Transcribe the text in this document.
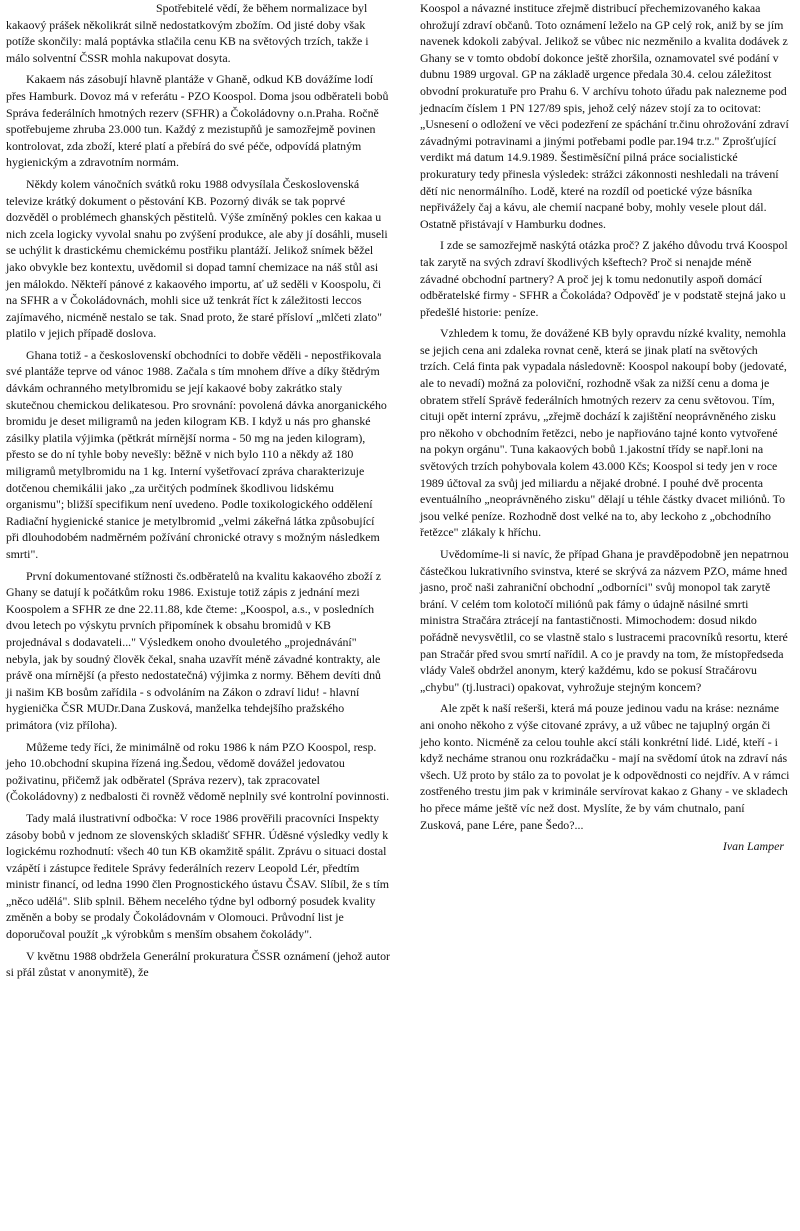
Spotřebitelé vědí, že během normalizace byl kakaový prášek několikrát silně nedostatkovým zbožím. Od jisté doby však potíže skončily: malá poptávka stlačila cenu KB na světových trzích, takže i málo solventní ČSSR mohla nakupovat dosyta.

Kakaem nás zásobují hlavně plantáže v Ghaně, odkud KB dovážíme lodí přes Hamburk. Dovoz má v referátu - PZO Koospol. Doma jsou odběrateli bobů Správa federálních hmotných rezerv (SFHR) a Čokoládovny o.n.Praha. Ročně spotřebujeme zhruba 23.000 tun. Každý z mezistupňů je samozřejmě povinen kontrolovat, zda zboží, které platí a přebírá do své péče, odpovídá platným hygienickým a zdravotním normám.

Někdy kolem vánočních svátků roku 1988 odvysílala Československá televize krátký dokument o pěstování KB. Pozorný divák se tak poprvé dozvěděl o problémech ghanských pěstitelů. Výše zmíněný pokles cen kakaa u nich zcela logicky vyvolal snahu po zvýšení produkce, ale aby jí dosáhli, museli se uchýlit k drastickému chemickému postřiku plantáží. Jelikož snímek běžel jako obvykle bez kontextu, uvědomil si dopad tamní chemizace na náš stůl asi jen málokdo. Někteří pánové z kakaového importu, ať už seděli v Koospolu, či na SFHR a v Čokoládovnách, mohli sice už tenkrát říct k záležitosti leccos zajímavého, nicméně nestalo se tak. Snad proto, že staré přísloví „mlčeti zlato" platilo v jejich případě doslova.

Ghana totiž - a československí obchodníci to dobře věděli - nepostřikovala své plantáže teprve od vánoc 1988. Začala s tím mnohem dříve a díky štědrým dávkám ochranného metylbromidu se její kakaové boby zakrátko staly skutečnou chemickou delikatesou. Pro srovnání: povolená dávka anorganického bromidu je deset miligramů na jeden kilogram KB. I když u nás pro ghanské zásilky platila výjimka (pětkrát mírnější norma - 50 mg na jeden kilogram), přesto se do ní tyhle boby nevešly: běžně v nich bylo 110 a někdy až 180 miligramů metylbromidu na 1 kg. Interní vyšetřovací zpráva charakterizuje dotčenou chemikálii jako „za určitých podmínek škodlivou lidskému organismu"; bližší specifikum není uvedeno. Podle toxikologického oddělení Radiační hygienické stanice je metylbromid „velmi zákeřná látka způsobující při dlouhodobém nadměrném požívání chronické otravy s možným následkem smrti".

První dokumentované stížnosti čs.odběratelů na kvalitu kakaového zboží z Ghany se datují k počátkům roku 1986. Existuje totiž zápis z jednání mezi Koospolem a SFHR ze dne 22.11.88, kde čteme: „Koospol, a.s., v posledních dvou letech po výskytu prvních připomínek k obsahu bromidů v KB projednával s dodavateli..." Výsledkem onoho dvouletého „projednávání" nebyla, jak by soudný člověk čekal, snaha uzavřít méně závadné kontrakty, ale právě ona mírnější (a přesto nedostatečná) výjimka z normy. Během devíti dnů ji našim KB bosům zařídila - s odvoláním na Zákon o zdraví lidu! - hlavní hygienička ČSR MUDr.Dana Zusková, manželka tehdejšího pražského primátora (viz příloha).

Můžeme tedy říci, že minimálně od roku 1986 k nám PZO Koospol, resp. jeho 10.obchodní skupina řízená ing.Šedou, vědomě dovážel jedovatou poživatinu, přičemž jak odběratel (Správa rezerv), tak zpracovatel (Čokoládovny) z nedbalosti či rovněž vědomě neplnily své kontrolní povinnosti.

Tady malá ilustrativní odbočka: V roce 1986 prověřili pracovníci Inspekty zásoby bobů v jednom ze slovenských skladišť SFHR. Úděsné výsledky vedly k logickému rozhodnutí: všech 40 tun KB okamžitě spálit. Zprávu o situaci dostal vzápětí i zástupce ředitele Správy federálních rezerv Leopold Lér, předtím ministr financí, od ledna 1990 člen Prognostického ústavu ČSAV. Slíbil, že s tím „něco udělá". Slib splnil. Během necelého týdne byl odborný posudek kvality změněn a boby se prodaly Čokoládovnám v Olomouci. Průvodní list je doporučoval použít „k výrobkům s menším obsahem čokolády".

V květnu 1988 obdržela Generální prokuratura ČSSR oznámení (jehož autor si přál zůstat v anonymitě), že

Koospol a návazné instituce zřejmě distribucí přechemizovaného kakaa ohrožují zdraví občanů. Toto oznámení leželo na GP celý rok, aniž by se jím navenek kdokoli zabýval. Jelikož se vůbec nic nezměnilo a kvalita dodávek z Ghany se v tomto období dokonce ještě zhoršila, oznamovatel své podání v dubnu 1989 urgoval. GP na základě urgence předala 30.4. celou záležitost obvodní prokuratuře pro Prahu 6. V archívu tohoto úřadu pak nalezneme pod jednacím číslem 1 PN 127/89 spis, jehož celý název stojí za to ocitovat: „Usnesení o odložení ve věci podezření ze spáchání tr.činu ohrožování zdraví závadnými potravinami a jinými potřebami podle par.194 tr.z." Zprošťující verdikt má datum 14.9.1989. Šestiměsíční pilná práce socialistické prokuratury tedy přinesla výsledek: strážci zákonnosti neshledali na trávení dětí nic nenormálního. Lodě, které na rozdíl od poetické výze básníka nepřivážely čaj a kávu, ale chemií nacpané boby, mohly vesele plout dál. Ostatně přistávají v Hamburku dodnes.

I zde se samozřejmě naskýtá otázka proč? Z jakého důvodu trvá Koospol tak zarytě na svých zdraví škodlivých kšeftech? Proč si nenajde méně závadné obchodní partnery? A proč jej k tomu nedonutily aspoň domácí odběratelské firmy - SFHR a Čokoláda? Odpověď je v podstatě stejná jako u předešlé historie: peníze.

Vzhledem k tomu, že dovážené KB byly opravdu nízké kvality, nemohla se jejich cena ani zdaleka rovnat ceně, která se jinak platí na světových trzích. Celá finta pak vypadala následovně: Koospol nakoupí boby (jedovaté, ale to nevadí) možná za poloviční, rozhodně však za nižší cenu a doma je obratem střelí Správě federálních hmotných rezerv za cenu světovou. Tím, cituji opět interní zprávu, „zřejmě dochází k zajištění neoprávněného zisku pro někoho v obchodním řetězci, nebo je napřiováno tajné konto vytvořené na pokyn orgánu". Tuna kakaových bobů 1.jakostní třídy se např.loni na světových trzích pohybovala kolem 43.000 Kčs; Koospol si tedy jen v roce 1989 účtoval za svůj jed miliardu a nějaké drobné. I pouhé dvě procenta eventuálního „neoprávněného zisku" dělají u téhle částky dvacet miliónů. To jsou velké peníze. Rozhodně dost velké na to, aby leckoho z „obchodního řetězce" zlákaly k hříchu.

Uvědomíme-li si navíc, že případ Ghana je pravděpodobně jen nepatrnou částečkou lukrativního svinstva, které se skrývá za názvem PZO, máme hned jasno, proč naši zahraniční obchodní „odborníci" svůj monopol tak zarytě brání. V celém tom kolotočí miliónů pak fámy o údajně násilné smrti ministra Stračára ztrácejí na fantastičnosti. Mimochodem: dosud nikdo pořádně nevysvětlil, co se vlastně stalo s lustracemi pracovníků resortu, které pan Stračár před svou smrtí nařídil. A co je pravdy na tom, že místopředseda vlády Valeš obdržel anonym, který každému, kdo se pokusí Stračárovu „chybu" (tj.lustraci) opakovat, vyhrožuje stejným koncem?

Ale zpět k naší rešerši, která má pouze jedinou vadu na kráse: neznáme ani onoho někoho z výše citované zprávy, a už vůbec ne tajuplný orgán či jeho konto. Nicméně za celou touhle akcí stáli konkrétní lidé. Lidé, kteří - i když necháme stranou onu rozkrádačku - mají na svědomí útok na zdraví nás všech. Už proto by stálo za to povolat je k odpovědnosti co nejdřív. A v rámci zostřeného trestu jim pak v kriminále servírovat kakao z Ghany - ve skladech ho přece máme ještě víc než dost. Myslíte, že by vám chutnalo, paní Zusková, pane Lére, pane Šedo?...

Ivan Lamper
